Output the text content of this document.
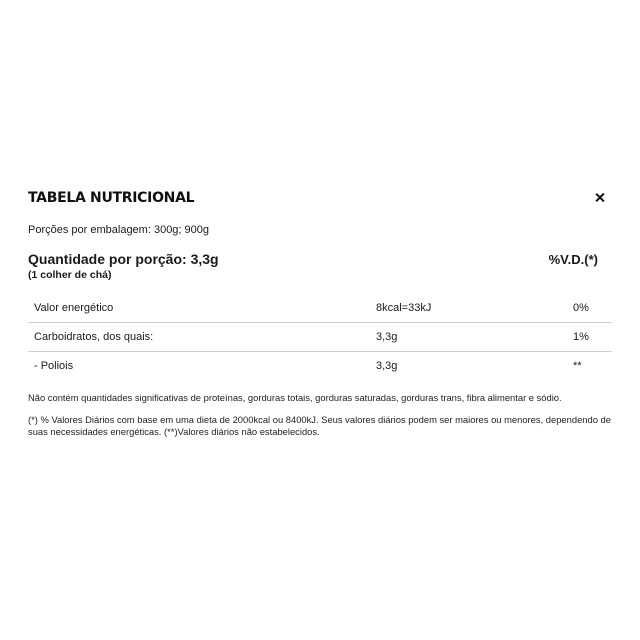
TABELA NUTRICIONAL
Porções por embalagem: 300g; 900g
Quantidade por porção: 3,3g
(1 colher de chá)
%V.D.(*)
Valor energético	8kcal=33kJ	0%
Carboidratos, dos quais:	3,3g	1%
- Poliois	3,3g	**
Não contém quantidades significativas de proteínas, gorduras totais, gorduras saturadas, gorduras trans, fibra alimentar e sódio.
(*) % Valores Diários com base em uma dieta de 2000kcal ou 8400kJ. Seus valores diários podem ser maiores ou menores, dependendo de suas necessidades energéticas. (**)Valores diários não estabelecidos.
